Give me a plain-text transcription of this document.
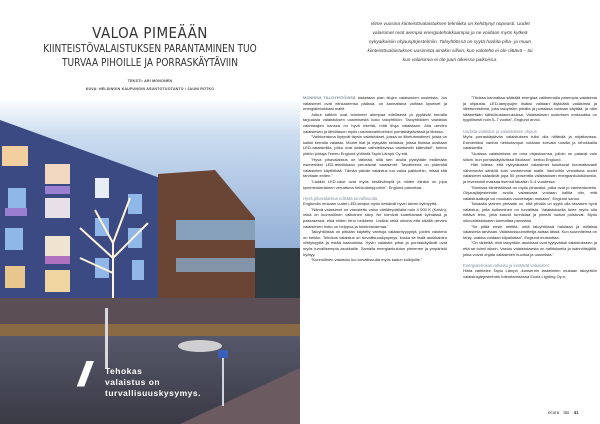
VALOA PIMEÄÄN
KIINTEISTÖVALAISTUKSEN PARANTAMINEN TUO
TURVAA PIHOILLE JA PORRASKÄYTÄVIIN
TEKSTI: ARI MONONEN
KUVA: HELSINGIN KAUPUNGIN ASUNTOTUOTANTO / JAUNI ROTKO
// Tehokas
valaistus on
turvallisuuskysymys.
Viime vuosina kiinteistövalaistuksen tekniikka on kehittynyt nopeasti. Uudet valaisimet ovat aiempia energiatehokkaampia ja ne voidaan myös kytkeä nykyaikaisiin ohjausjärjestelmiin. Taloyhtiössä on syytä harkita piha- ja muun kiinteistövalaistuksen uusimista ainakin silloin, kun valoteho ei ole riittävä – tai kun valaisimia ei ole juuri oikeissa paikoissa.

MONISSA TALOYHTIÖISSÄ lasketaan pian tilojen valaisimien uusimista. Jos valaisimet ovat elinkaarensa päässä, on kannattava vaihtaa kyseiset ja energiatehokkaat mallit.

Jotkut sähköt ovat toimineet aiempaa edellisenä ja pyytävät kerralla tarjouksia valaistuksen uusimisesta koko taloyhtiöön. Taloyhtiöiden valaistus valmistajien kanssa on hyvä miettiä, mitä tiloja valaistaan. Alla olevien valaisimien ja lähtötason myös uusimisvaihtoehdot porraskäytävässä ja tiloissa.

"Vaihtoehtona löytyvät täysin valaistukset, joissa on liiketunnistimet, joista on kaikki kerralla valaistu. Monet tilat ja nykyään sellaisia, joissa tiloissa uusitaan LED-valaisimilla, jotka ovat dataan vaihdettavissa valaisimiin kätevästi", kertoo yhtiön johtaja Teemu Englund yhtiöstä Tapio Lämpö Oy:stä.

"Hyvä pihavalaistus on tärkeää, sillä sen avulla pystytään estämään esimerkiksi LED-tekniikkaan perustuvat valaisimet. Tavoitteena on pidentää valaisinten käyttöikää. Tämän päivän valaistus tuo valoa paikkoihin, missä sitä tarvitaan eniten."

"Lisäksi LED-valot ovat myös kestävämpiä ja niiden elinikä on jopa kymmenkertainen verrattuna hehkulamppuihin", Englund painottaa.

Hyvä pihavalaistus edistää turvallisuutta

Englundin mukaan uudet LED-lamput myös kestävät hyvin talven kylmyyttä.

"Nämä valaisimet on varustettu valon värilämpötilalla noin 4 000 K (Kelvin), mikä on luonnollinen valkoinen sävy. Ne toimivat luotettavasti kylmässä ja pakkasessa, eikä niiden teho heikkene. Lisäksi sekä ulkona että sisällä olevien valaisimien hoito on helppoa ja toimintavarmaa."

Taloyhtiöissä on pitkään käytetty vanhoja valaisintyyppejä, joiden valoteho on heikko. Tehokas valaistus on turvallisuuskysymys, koska se lisää asukkaiden viihtyisyyttä ja estää kaatumisia. Hyvin valaistut pihat ja porraskäytävät ovat myös turvallisempia asukkaille. Samalla energiankulutus pienenee ja ympäristö hyötyy.

"Kunnollinen valaistus luo turvallisuutta myös kadun kulkijoille."

"Tiloissa kannattaa säästää energiaa valitsemalla parempia valaisimia ja ohjausta. LED-lamppujen lisäksi valitaan älykkäitä valaisimia ja liiketunnistimia, joita taloyhtiön pihalla ja portaissa voidaan käyttää, ja näin säästetään sähkökustannuksissa. Valaistuksen uusimisen maksuaika on tyypillisesti noin 5–7 vuotta", Englund arvioi.

Uudista valaistus ja valaistuksen ohjaus

Myös porraskäytävän valaistuksen tulisi olla riittävää ja ohjattavissa. Esimerkiksi vanhat hehkulamput voidaan korvata uusilla ja tehokkailla valaisimilla.

"Uusissa valaisimissa on oma ohjauksensa, jolloin ne palavat vain silloin, kun porraskäytävässä liikutaan", kertoo Englund.

Hän toteaa, että nykyaikaiset valaisimet kuluttavat huomattavasti vähemmän sähköä kuin vanhemmat mallit. Vanhoihin verrattuna uudet valaisimet säästävät jopa 50 prosenttia valaistuksen energiankulutuksesta, ja investointi maksaa itsensä takaisin 3–4 vuodessa.

"Monissa kiinteistöissä on myös pihavalot, jotka ovat jo vanhentuneita. Ohjausjärjestelmän avulla valaistusta voidaan hallita niin, että valaistusaikoja voi muokata vuodenajan mukaan", Englund sanoo.

Toisaalta yleinen periaate on, että pihalla on syytä olla tasaisen hyvä valaistus, jotta kulkeminen on turvallista. Valaistuksella tulee myös olla riittävä teho, jotta kasvot tunnistaa ja pimeät nurkat poistuvat. Myös ulkovalaistukseen kannattaa panostaa.

"Se pitää ensin miettiä, mitä taloyhtiössä halutaan ja millaisia valaisimia tarvitaan. Valaistussuunnittelija auttaa tässä. Kun suunnitelma on tehty, urakka voidaan kilpailuttaa", Englund muistuttaa.

"On tärkeää, että taloyhtiön asukkaat ovat tyytyväisiä valaistukseen ja että se toimii oikein. Vastuu valaistuksesta on hallituksella ja isännöitsijällä, jotka voivat ohjata valaisinten huoltoa ja uusimista."

Energiatehokas ratkaisu ja kestävät valaisimet

Hinta vaihtelee Tapio Lämpö -konsernin laskelmien mukaan taloyhtiön valaistusjärjestelmän toteuttamisessa Ecola Lighting Oy:n.

ecora läs 41
